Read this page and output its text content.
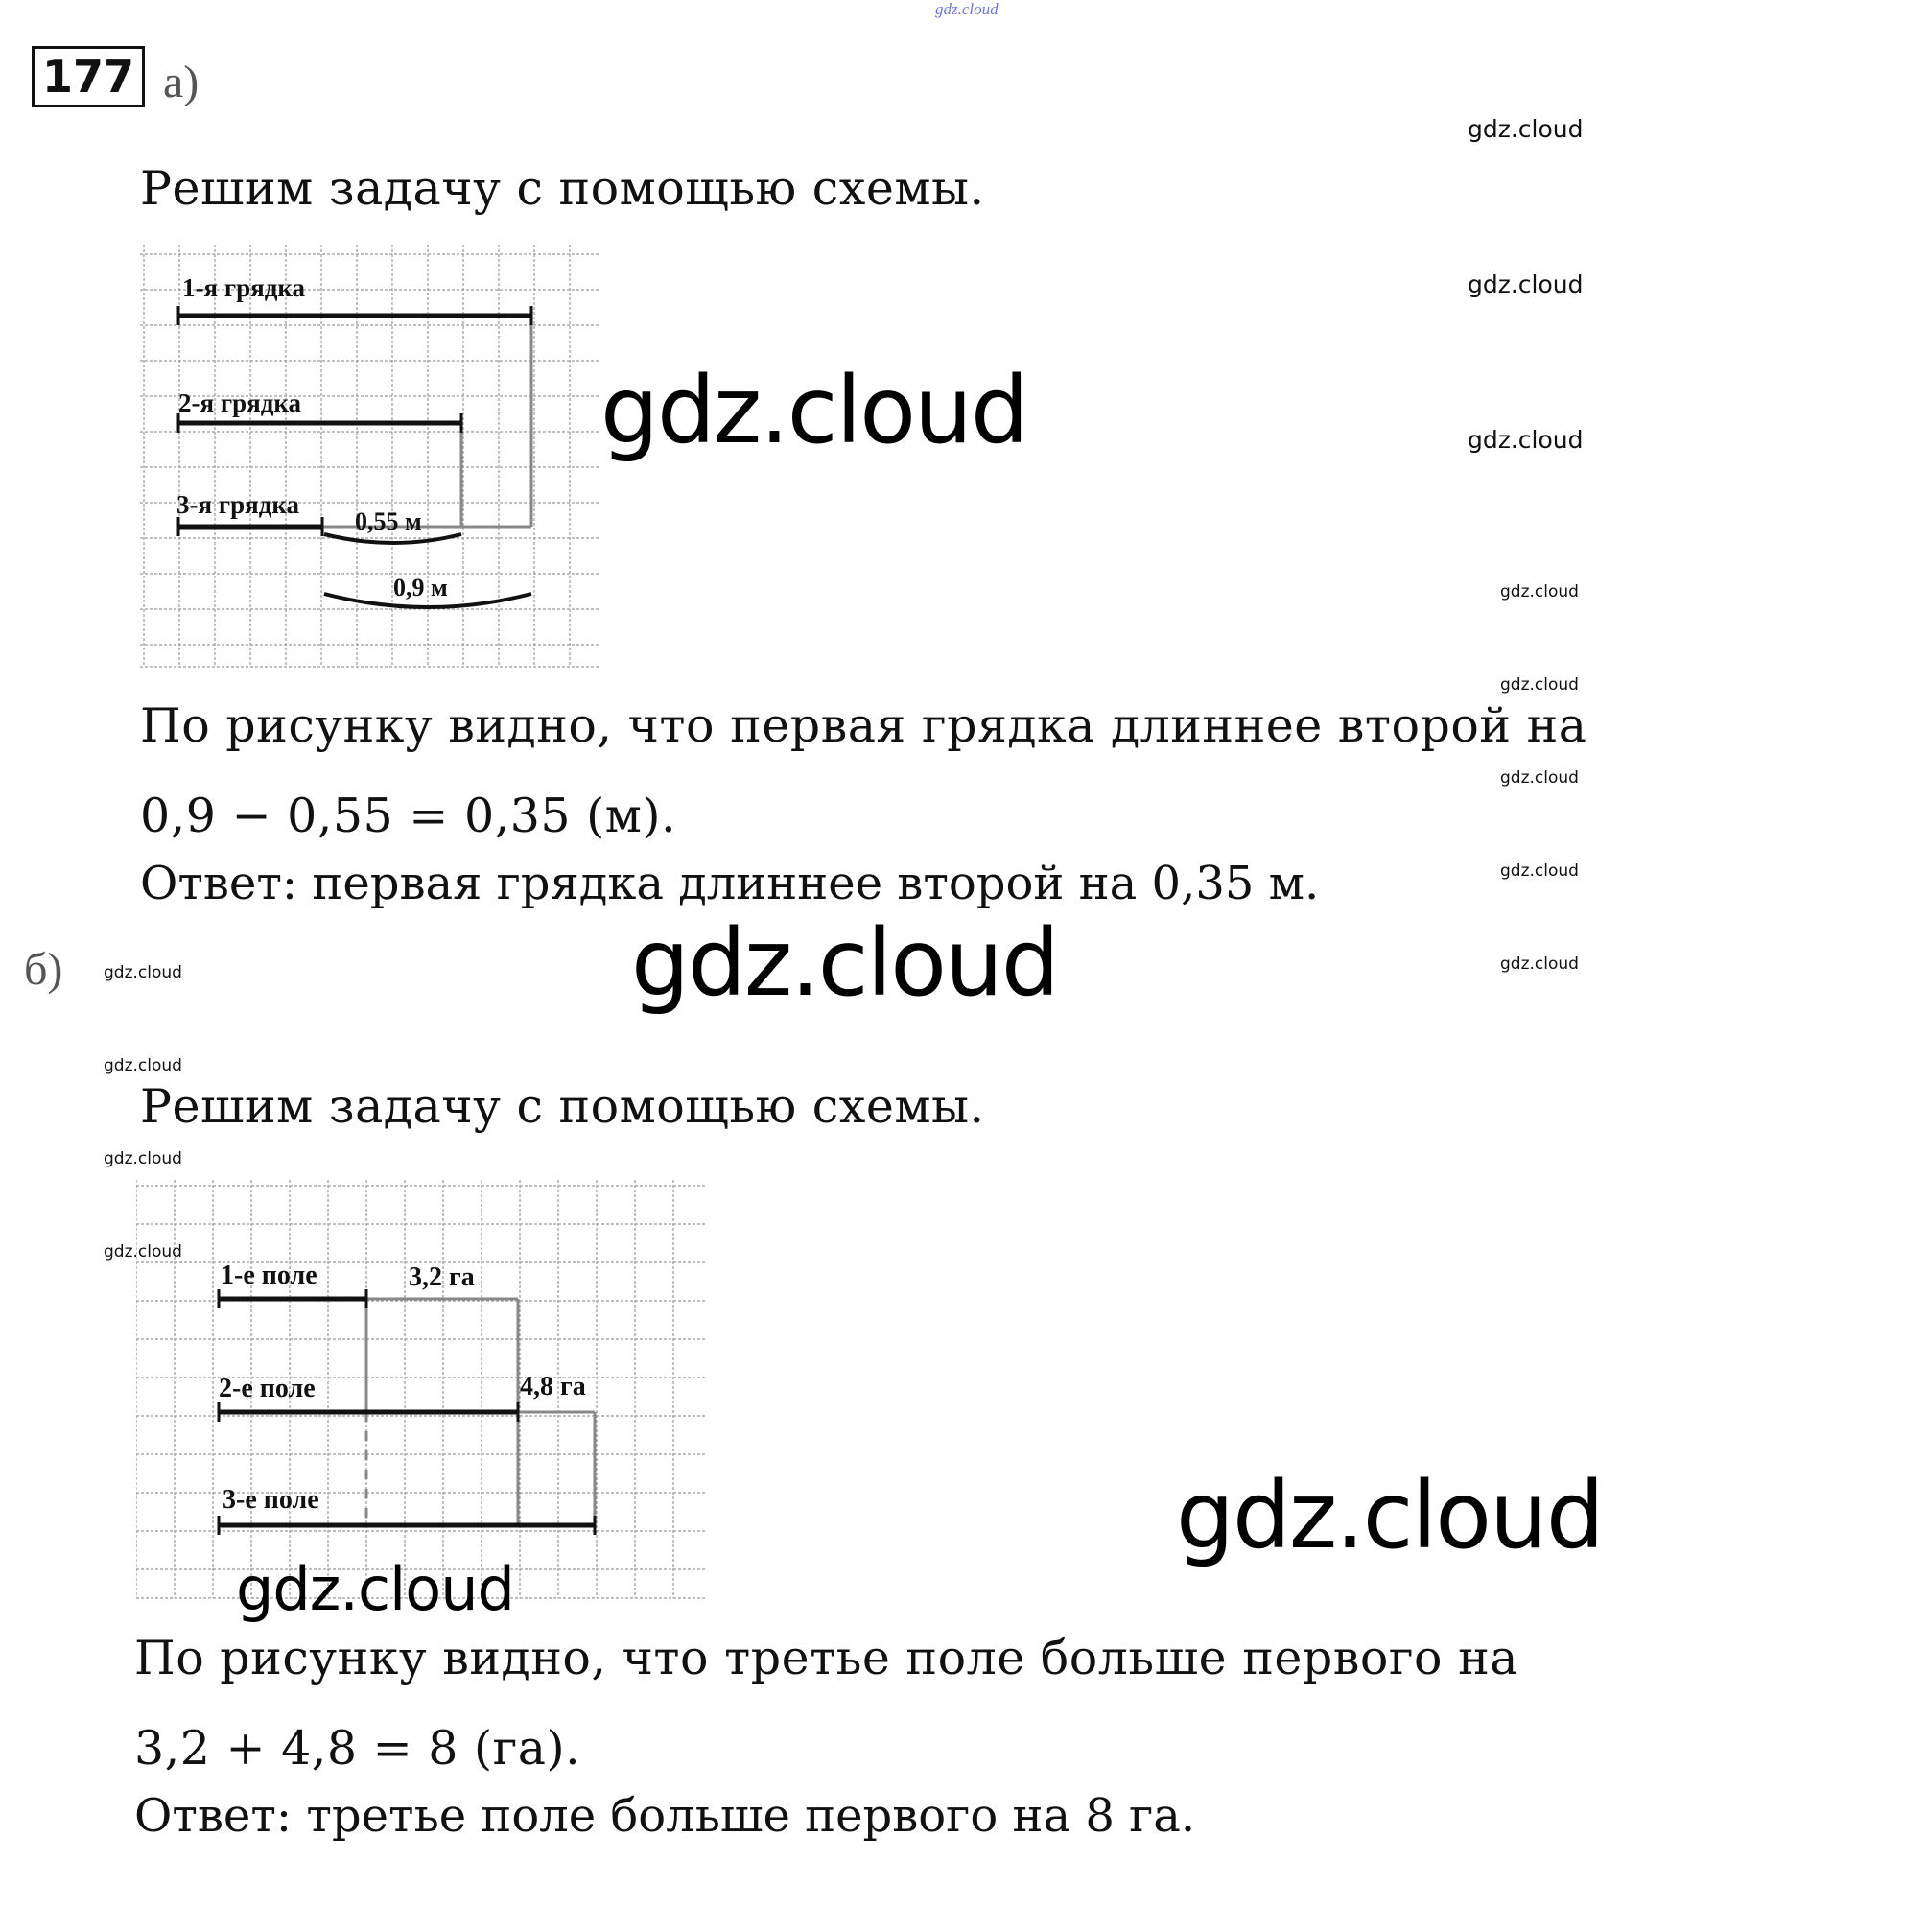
gdz.cloud
177 а)
Решим задачу с помощью схемы.
1-я грядка
2-я грядка
3-я грядка
0,55 м
0,9 м
По рисунку видно, что первая грядка длиннее второй на
0,9 − 0,55 = 0,35 (м).
Ответ: первая грядка длиннее второй на 0,35 м.
б)
Решим задачу с помощью схемы.
1-е поле
2-е поле
3-е поле
3,2 га
4,8 га
По рисунку видно, что третье поле больше первого на
3,2 + 4,8 = 8 (га).
Ответ: третье поле больше первого на 8 га.
gdz.cloud
gdz.cloud
gdz.cloud
gdz.cloud
gdz.cloud
gdz.cloud
gdz.cloud
gdz.cloud
gdz.cloud
gdz.cloud
gdz.cloud
gdz.cloud
gdz.cloud
gdz.cloud
gdz.cloud
gdz.cloud
